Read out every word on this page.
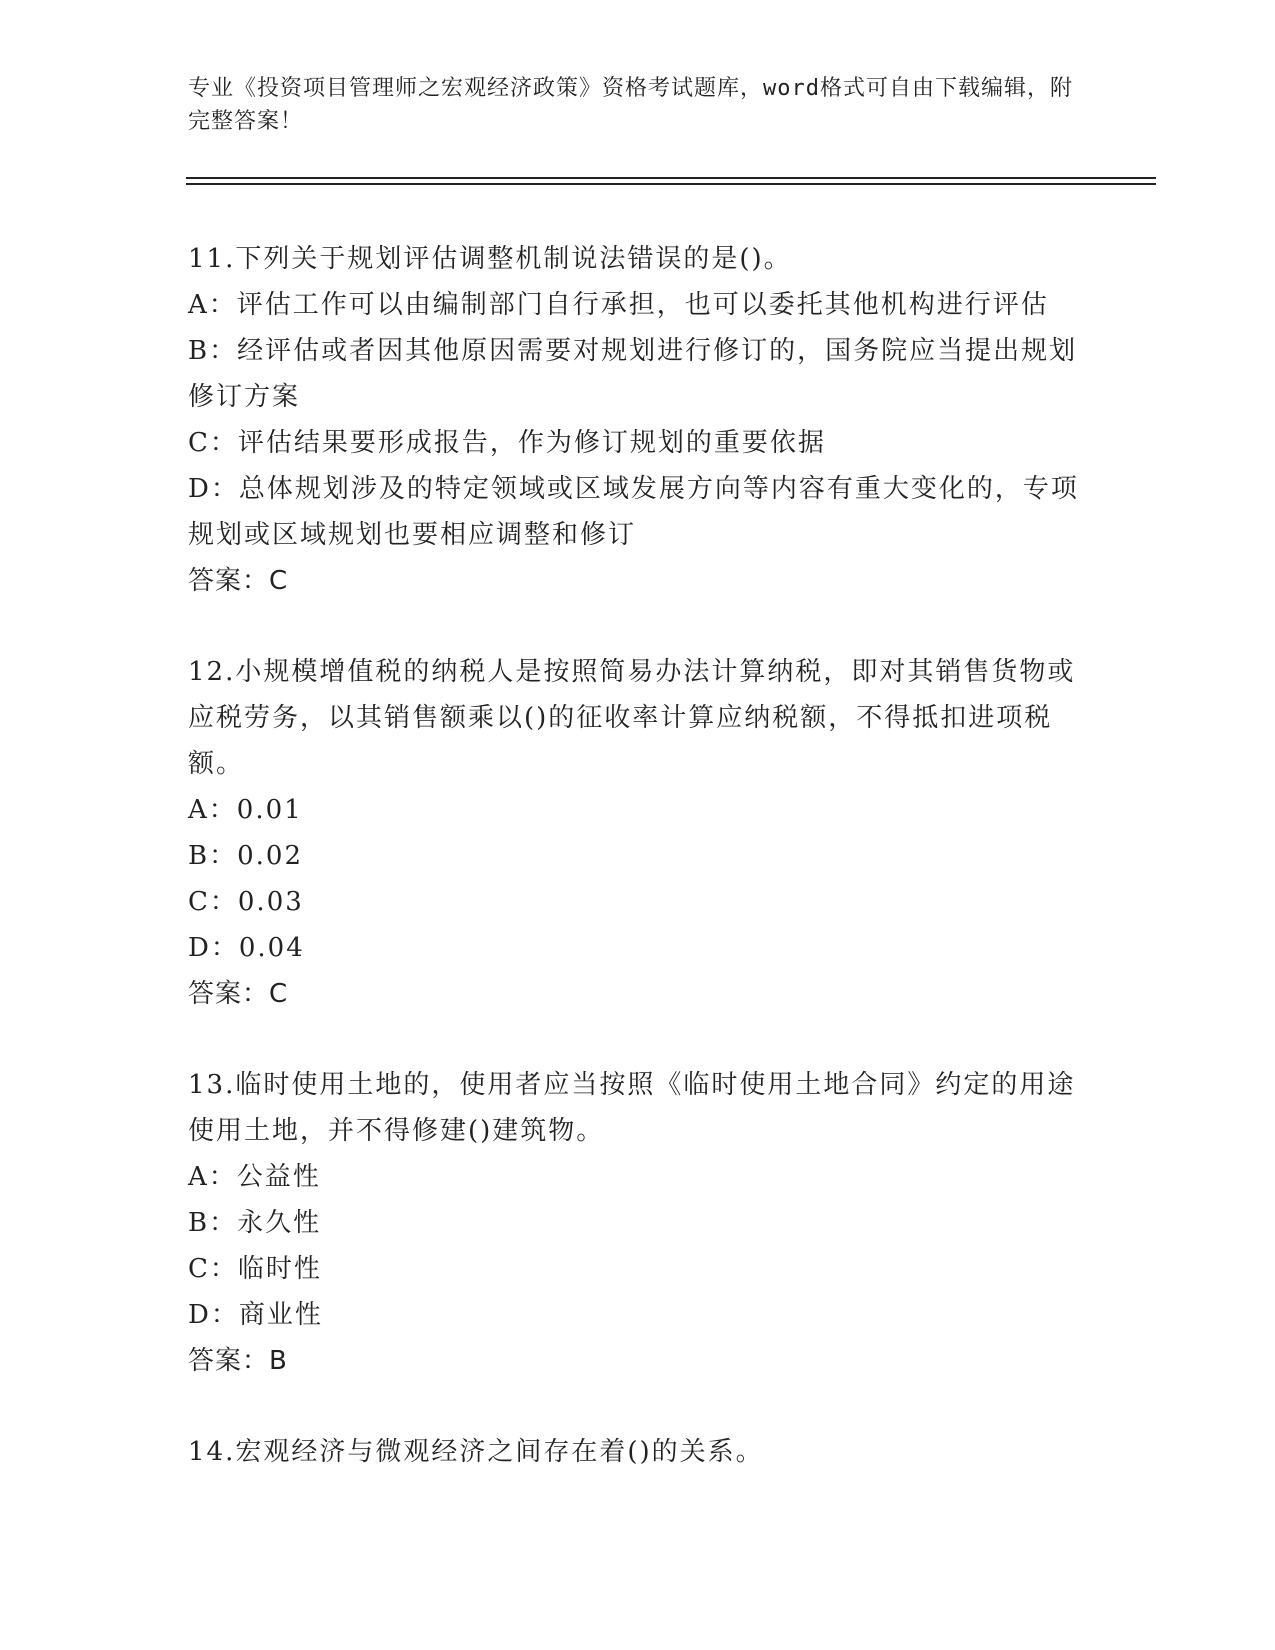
专业《投资项目管理师之宏观经济政策》资格考试题库，word格式可自由下载编辑，附完整答案！

11.下列关于规划评估调整机制说法错误的是()。

A：评估工作可以由编制部门自行承担，也可以委托其他机构进行评估

B：经评估或者因其他原因需要对规划进行修订的，国务院应当提出规划修订方案

C：评估结果要形成报告，作为修订规划的重要依据

D：总体规划涉及的特定领域或区域发展方向等内容有重大变化的，专项规划或区域规划也要相应调整和修订

答案：C

12.小规模增值税的纳税人是按照简易办法计算纳税，即对其销售货物或应税劳务，以其销售额乘以()的征收率计算应纳税额，不得抵扣进项税额。

A：0.01

B：0.02

C：0.03

D：0.04

答案：C

13.临时使用土地的，使用者应当按照《临时使用土地合同》约定的用途使用土地，并不得修建()建筑物。

A：公益性

B：永久性

C：临时性

D：商业性

答案：B

14.宏观经济与微观经济之间存在着()的关系。
